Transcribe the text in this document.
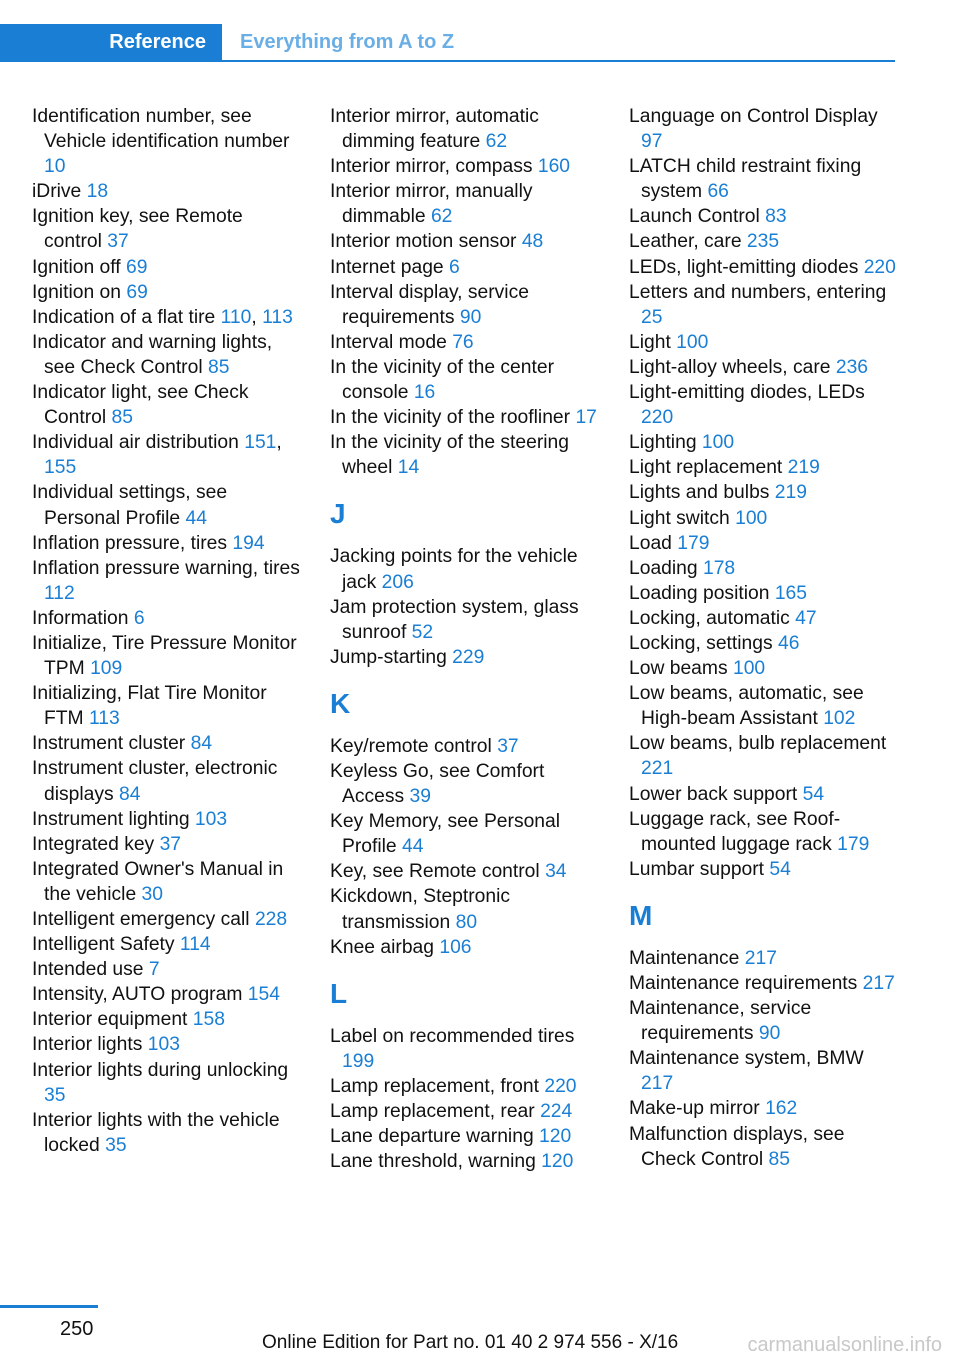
Reference	Everything from A to Z
Identification number, see Vehicle identification number 10
iDrive 18
Ignition key, see Remote control 37
Ignition off 69
Ignition on 69
Indication of a flat tire 110, 113
Indicator and warning lights, see Check Control 85
Indicator light, see Check Control 85
Individual air distribution 151, 155
Individual settings, see Personal Profile 44
Inflation pressure, tires 194
Inflation pressure warning, tires 112
Information 6
Initialize, Tire Pressure Monitor TPM 109
Initializing, Flat Tire Monitor FTM 113
Instrument cluster 84
Instrument cluster, electronic displays 84
Instrument lighting 103
Integrated key 37
Integrated Owner's Manual in the vehicle 30
Intelligent emergency call 228
Intelligent Safety 114
Intended use 7
Intensity, AUTO program 154
Interior equipment 158
Interior lights 103
Interior lights during unlocking 35
Interior lights with the vehicle locked 35
Interior mirror, automatic dimming feature 62
Interior mirror, compass 160
Interior mirror, manually dimmable 62
Interior motion sensor 48
Internet page 6
Interval display, service requirements 90
Interval mode 76
In the vicinity of the center console 16
In the vicinity of the roofliner 17
In the vicinity of the steering wheel 14
J
Jacking points for the vehicle jack 206
Jam protection system, glass sunroof 52
Jump-starting 229
K
Key/remote control 37
Keyless Go, see Comfort Access 39
Key Memory, see Personal Profile 44
Key, see Remote control 34
Kickdown, Steptronic transmission 80
Knee airbag 106
L
Label on recommended tires 199
Lamp replacement, front 220
Lamp replacement, rear 224
Lane departure warning 120
Lane threshold, warning 120
Language on Control Display 97
LATCH child restraint fixing system 66
Launch Control 83
Leather, care 235
LEDs, light-emitting diodes 220
Letters and numbers, entering 25
Light 100
Light-alloy wheels, care 236
Light-emitting diodes, LEDs 220
Lighting 100
Light replacement 219
Lights and bulbs 219
Light switch 100
Load 179
Loading 178
Loading position 165
Locking, automatic 47
Locking, settings 46
Low beams 100
Low beams, automatic, see High-beam Assistant 102
Low beams, bulb replacement 221
Lower back support 54
Luggage rack, see Roof-mounted luggage rack 179
Lumbar support 54
M
Maintenance 217
Maintenance requirements 217
Maintenance, service requirements 90
Maintenance system, BMW 217
Make-up mirror 162
Malfunction displays, see Check Control 85
250
Online Edition for Part no. 01 40 2 974 556 - X/16	carmanualsonline.info
